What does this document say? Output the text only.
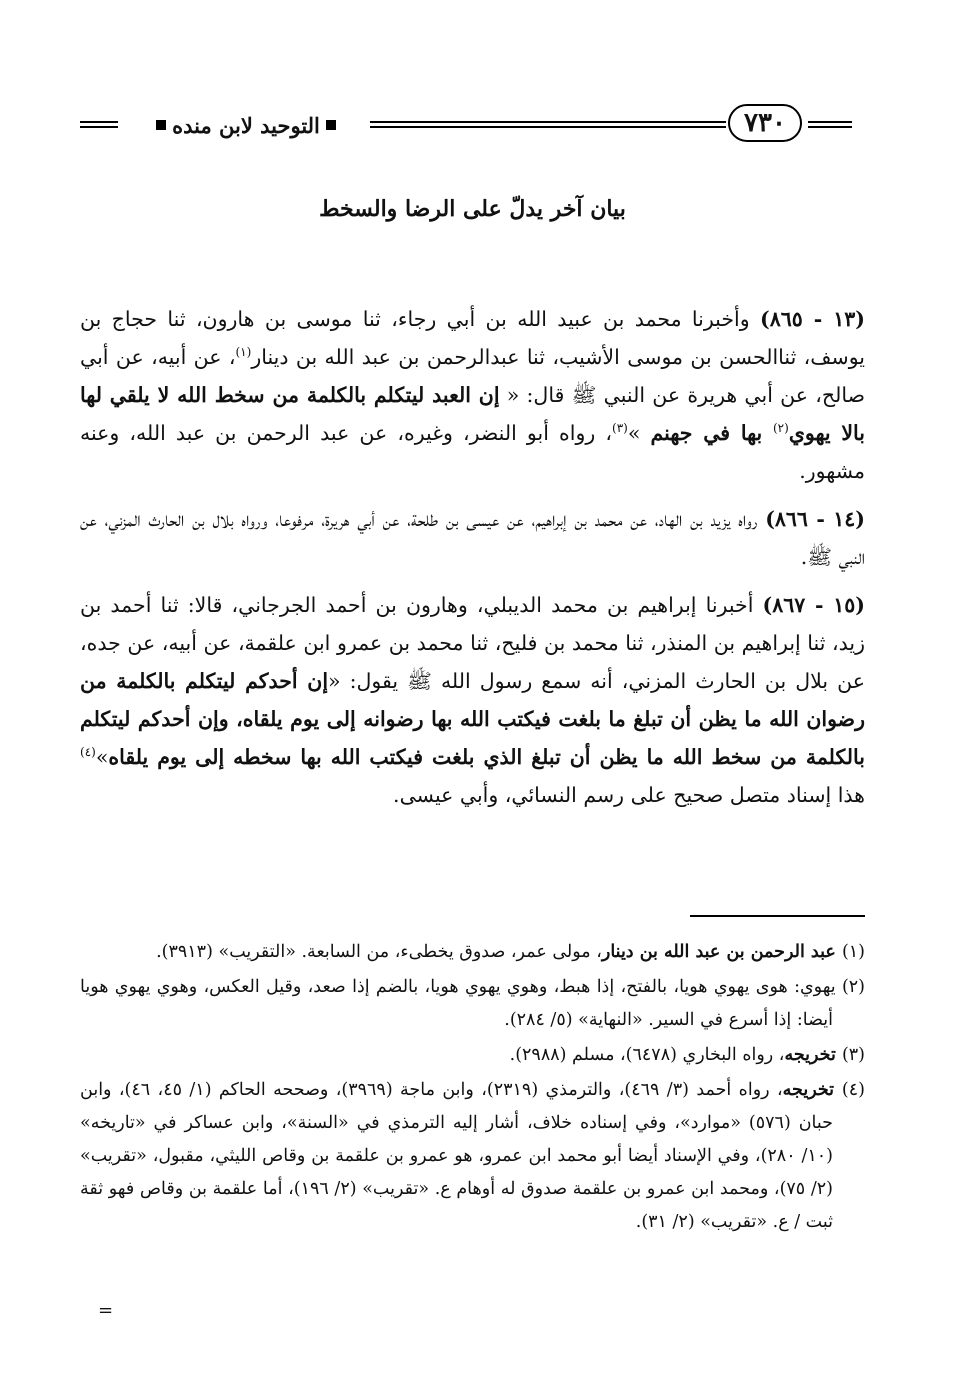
التوحيد لابن منده	٧٣٠
بيان آخر يدلّ على الرضا والسخط

(١٣ - ٨٦٥) وأخبرنا محمد بن عبيد الله بن أبي رجاء، ثنا موسى بن هارون، ثنا حجاج بن يوسف، ثناالحسن بن موسى الأشيب، ثنا عبدالرحمن بن عبد الله بن دينار$^{(١)}$، عن أبيه، عن أبي صالح، عن أبي هريرة عن النبي ﷺ قال: « إن العبد ليتكلم بالكلمة من سخط الله لا يلقي لها بالا يهوي$^{(٢)}$ بها في جهنم »$^{(٣)}$، رواه أبو النضر، وغيره، عن عبد الرحمن بن عبد الله، وعنه مشهور.

(١٤ - ٨٦٦) رواه يزيد بن الهاد، عن محمد بن إبراهيم، عن عيسى بن طلحة، عن أبي هريرة، مرفوعا، ورواه بلال بن الحارث المزني، عن النبي ﷺ.

(١٥ - ٨٦٧) أخبرنا إبراهيم بن محمد الديبلي، وهارون بن أحمد الجرجاني، قالا: ثنا أحمد بن زيد، ثنا إبراهيم بن المنذر، ثنا محمد بن فليح، ثنا محمد بن عمرو ابن علقمة، عن أبيه، عن جده، عن بلال بن الحارث المزني، أنه سمع رسول الله ﷺ يقول: «إن أحدكم ليتكلم بالكلمة من رضوان الله ما يظن أن تبلغ ما بلغت فيكتب الله بها رضوانه إلى يوم يلقاه، وإن أحدكم ليتكلم بالكلمة من سخط الله ما يظن أن تبلغ الذي بلغت فيكتب الله بها سخطه إلى يوم يلقاه»$^{(٤)}$ هذا إسناد متصل صحيح على رسم النسائي، وأبي عيسى.

(١) عبد الرحمن بن عبد الله بن دينار، مولى عمر، صدوق يخطىء، من السابعة. «التقريب» (٣٩١٣).

(٢) يهوي: هوى يهوي هويا، بالفتح، إذا هبط، وهوي يهوي هويا، بالضم إذا صعد، وقيل العكس، وهوي يهوي هويا أيضا: إذا أسرع في السير. «النهاية» (٥/ ٢٨٤).

(٣) تخريجه، رواه البخاري (٦٤٧٨)، مسلم (٢٩٨٨).

(٤) تخريجه، رواه أحمد (٣/ ٤٦٩)، والترمذي (٢٣١٩)، وابن ماجة (٣٩٦٩)، وصححه الحاكم (١/ ٤٥، ٤٦)، وابن حبان (٥٧٦) «موارد»، وفي إسناده خلاف، أشار إليه الترمذي في «السنة»، وابن عساكر في «تاريخه» (١٠/ ٢٨٠)، وفي الإسناد أيضا أبو محمد ابن عمرو، هو عمرو بن علقمة بن وقاص الليثي، مقبول، «تقريب» (٢/ ٧٥)، ومحمد ابن عمرو بن علقمة صدوق له أوهام ع. «تقريب» (٢/ ١٩٦)، أما علقمة بن وقاص فهو ثقة ثبت / ع. «تقريب» (٢/ ٣١).

=
